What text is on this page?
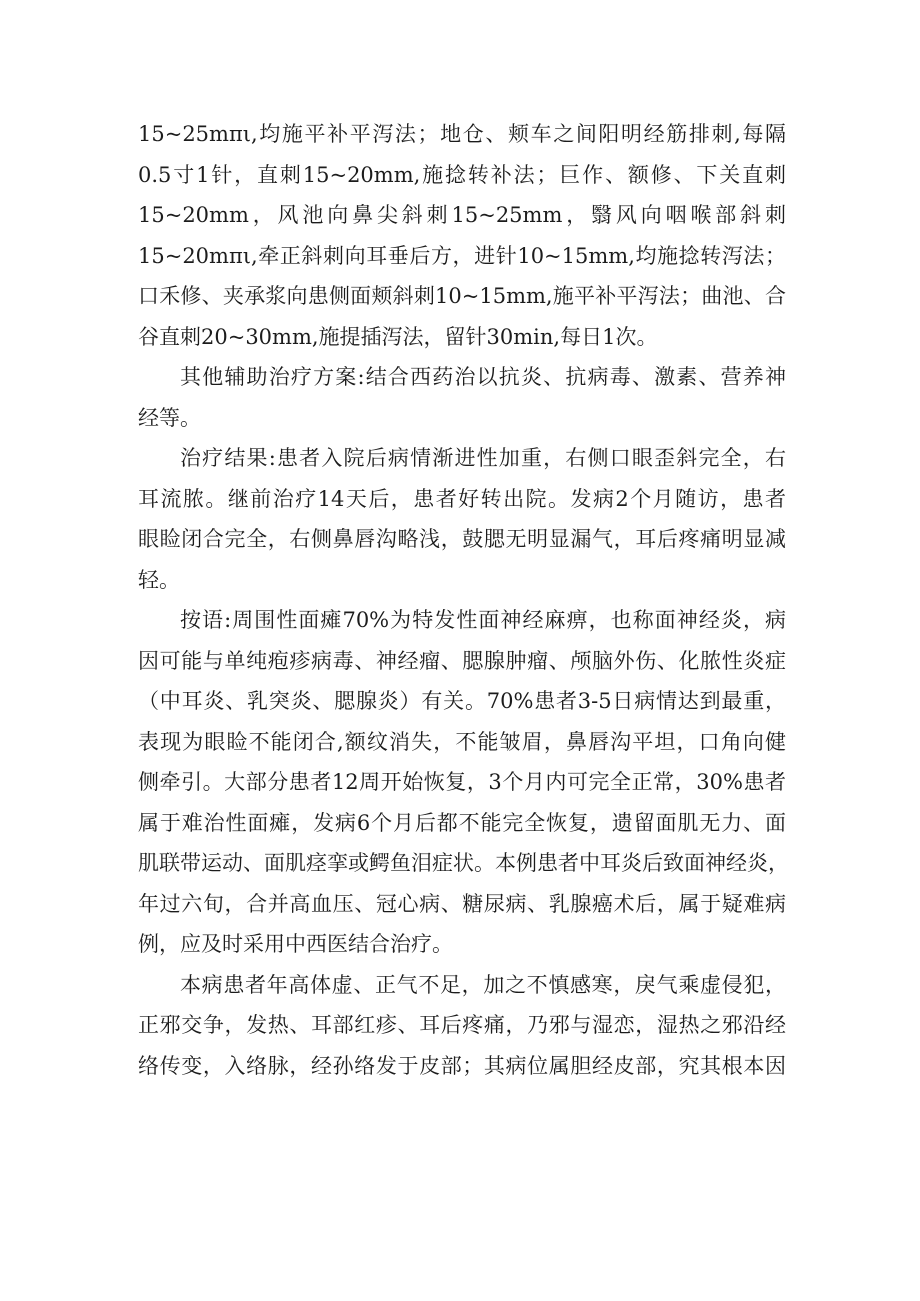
15~25mπι,均施平补平泻法；地仓、颊车之间阳明经筋排刺,每隔
0.5寸1针，直刺15~20mm,施捻转补法；巨作、额修、下关直刺
15~20mm，风池向鼻尖斜刺15~25mm，翳风向咽喉部斜刺
15~20mπι,牵正斜刺向耳垂后方，进针10~15mm,均施捻转泻法；
口禾修、夹承浆向患侧面颊斜刺10~15mm,施平补平泻法；曲池、合
谷直刺20~30mm,施提插泻法，留针30min,每日1次。

其他辅助治疗方案:结合西药治以抗炎、抗病毒、激素、营养神
经等。

治疗结果:患者入院后病情渐进性加重，右侧口眼歪斜完全，右
耳流脓。继前治疗14天后，患者好转出院。发病2个月随访，患者
眼睑闭合完全，右侧鼻唇沟略浅，鼓腮无明显漏气，耳后疼痛明显减
轻。

按语:周围性面瘫70%为特发性面神经麻痹，也称面神经炎，病
因可能与单纯疱疹病毒、神经瘤、腮腺肿瘤、颅脑外伤、化脓性炎症
（中耳炎、乳突炎、腮腺炎）有关。70%患者3-5日病情达到最重，
表现为眼睑不能闭合,额纹消失，不能皱眉，鼻唇沟平坦，口角向健
侧牵引。大部分患者12周开始恢复，3个月内可完全正常，30%患者
属于难治性面瘫，发病6个月后都不能完全恢复，遗留面肌无力、面
肌联带运动、面肌痉挛或鳄鱼泪症状。本例患者中耳炎后致面神经炎，
年过六旬，合并高血压、冠心病、糖尿病、乳腺癌术后，属于疑难病
例，应及时采用中西医结合治疗。

本病患者年高体虚、正气不足，加之不慎感寒，戾气乘虚侵犯，
正邪交争，发热、耳部红疹、耳后疼痛，乃邪与湿恋，湿热之邪沿经
络传变，入络脉，经孙络发于皮部；其病位属胆经皮部，究其根本因
